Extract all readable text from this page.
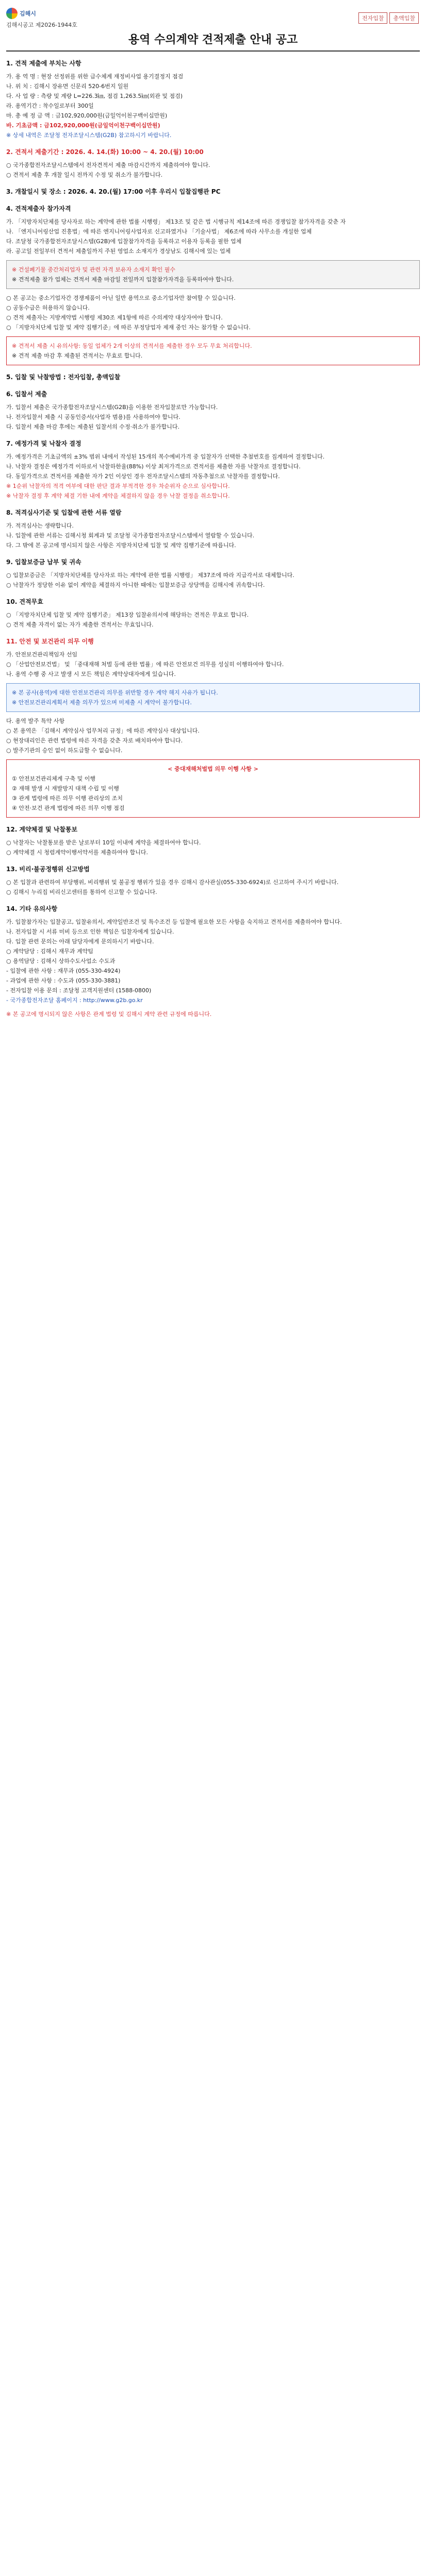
김해시
김해시공고 제2026-1944호
전자입찰	총액입찰
용역 수의계약 견적제출 안내 공고
1. 견적 제출에 부치는 사항
가. 용 역 명 : 현장 선정위를 위한 급수체계 재정비사업 용기결정지 점검
나. 위 치 : 김해시 장유면 신문리 520-6번지 일원
다. 사 업 량 : 측량 및 계량 L=226.3㎞, 점검 1,263.5㎞(외관 및 점검)
라. 용역기간 : 착수일로부터 300일
마. 총 예 정 금 액 : 금102,920,000원(금일억이천구백이십만원)
바. 기초금액 : 금102,920,000원(금일억이천구백이십만원)
※ 상세 내역은 조달청 전자조달시스템(G2B) 참고하시기 바랍니다.
2. 견적서 제출기간 : 2026. 4. 14.(화) 10:00 ~ 4. 20.(월) 10:00
○ 국가종합전자조달시스템에서 전자견적서 제출 마감시간까지 제출하여야 합니다.
○ 견적서 제출 후 개찰 일시 전까지 수정 및 취소가 불가합니다.
3. 개찰일시 및 장소 : 2026. 4. 20.(월) 17:00 이후 우리시 입찰집행관 PC
4. 견적제출자 참가자격
가. 「지방자치단체를 당사자로 하는 계약에 관한 법률 시행령」 제13조 및 같은 법 시행규칙 제14조에 따른 경쟁입찰 참가자격을 갖춘 자
나. 「엔지니어링산업 진흥법」에 따른 엔지니어링사업자로 신고하였거나 「기술사법」 제6조에 따라 사무소를 개설한 업체
다. 조달청 국가종합전자조달시스템(G2B)에 입찰참가자격을 등록하고 이용자 등록을 필한 업체
라. 공고일 전일부터 견적서 제출일까지 주된 영업소 소재지가 경상남도 김해시에 있는 업체
※ 건설폐기물 중간처리업자 및 관련 자격 보유자 소재지 확인 필수
※ 견적제출 참가 업체는 견적서 제출 마감일 전일까지 입찰참가자격을 등록하여야 합니다.
○ 본 공고는 중소기업자간 경쟁제품이 아닌 일반 용역으로 중소기업자만 참여할 수 있습니다.
○ 공동수급은 허용하지 않습니다.
○ 견적 제출자는 지방계약법 시행령 제30조 제1항에 따른 수의계약 대상자여야 합니다.
○ 「지방자치단체 입찰 및 계약 집행기준」에 따른 부정당업자 제재 중인 자는 참가할 수 없습니다.
※ 견적서 제출 시 유의사항: 동일 업체가 2개 이상의 견적서를 제출한 경우 모두 무효 처리합니다.
※ 견적 제출 마감 후 제출된 견적서는 무효로 합니다.
5. 입찰 및 낙찰방법 : 전자입찰, 총액입찰
6. 입찰서 제출
가. 입찰서 제출은 국가종합전자조달시스템(G2B)을 이용한 전자입찰로만 가능합니다.
나. 전자입찰서 제출 시 공동인증서(사업자 범용)를 사용하여야 합니다.
다. 입찰서 제출 마감 후에는 제출된 입찰서의 수정·취소가 불가합니다.
7. 예정가격 및 낙찰자 결정
가. 예정가격은 기초금액의 ±3% 범위 내에서 작성된 15개의 복수예비가격 중 입찰자가 선택한 추첨번호를 집계하여 결정합니다.
나. 낙찰자 결정은 예정가격 이하로서 낙찰하한율(88%) 이상 최저가격으로 견적서를 제출한 자를 낙찰자로 결정합니다.
다. 동일가격으로 견적서를 제출한 자가 2인 이상인 경우 전자조달시스템의 자동추첨으로 낙찰자를 결정합니다.
※ 1순위 낙찰자의 적격 여부에 대한 판단 결과 부적격한 경우 차순위자 순으로 심사합니다.
※ 낙찰자 결정 후 계약 체결 기한 내에 계약을 체결하지 않을 경우 낙찰 결정을 취소합니다.
8. 적격심사기준 및 입찰에 관한 서류 열람
가. 적격심사는 생략합니다.
나. 입찰에 관한 서류는 김해시청 회계과 및 조달청 국가종합전자조달시스템에서 열람할 수 있습니다.
다. 그 밖에 본 공고에 명시되지 않은 사항은 지방자치단체 입찰 및 계약 집행기준에 따릅니다.
9. 입찰보증금 납부 및 귀속
○ 입찰보증금은 「지방자치단체를 당사자로 하는 계약에 관한 법률 시행령」 제37조에 따라 지급각서로 대체합니다.
○ 낙찰자가 정당한 이유 없이 계약을 체결하지 아니한 때에는 입찰보증금 상당액을 김해시에 귀속합니다.
10. 견적무효
○ 「지방자치단체 입찰 및 계약 집행기준」 제13장 입찰유의서에 해당하는 견적은 무효로 합니다.
○ 견적 제출 자격이 없는 자가 제출한 견적서는 무효입니다.
11. 안전 및 보건관리 의무 이행
가. 안전보건관리책임자 선임
○ 「산업안전보건법」 및 「중대재해 처벌 등에 관한 법률」에 따른 안전보건 의무를 성실히 이행하여야 합니다.
나. 용역 수행 중 사고 발생 시 모든 책임은 계약상대자에게 있습니다.
※ 본 공사(용역)에 대한 안전보건관리 의무를 위반할 경우 계약 해지 사유가 됩니다.
※ 안전보건관리계획서 제출 의무가 있으며 미제출 시 계약이 불가합니다.
다. 용역 발주 특약 사항
○ 본 용역은 「김해시 계약심사 업무처리 규정」에 따른 계약심사 대상입니다.
○ 현장대리인은 관련 법령에 따른 자격을 갖춘 자로 배치하여야 합니다.
○ 발주기관의 승인 없이 하도급할 수 없습니다.
< 중대재해처벌법 의무 이행 사항 >
① 안전보건관리체계 구축 및 이행
② 재해 발생 시 재발방지 대책 수립 및 이행
③ 관계 법령에 따른 의무 이행 관리상의 조치
④ 안전·보건 관계 법령에 따른 의무 이행 점검
12. 계약체결 및 낙찰통보
○ 낙찰자는 낙찰통보를 받은 날로부터 10일 이내에 계약을 체결하여야 합니다.
○ 계약체결 시 청렴계약이행서약서를 제출하여야 합니다.
13. 비리·불공정행위 신고방법
○ 본 입찰과 관련하여 부당행위, 비리행위 및 불공정 행위가 있을 경우 김해시 감사관실(055-330-6924)로 신고하여 주시기 바랍니다.
○ 김해시 누리집 비리신고센터를 통하여 신고할 수 있습니다.
14. 기타 유의사항
가. 입찰참가자는 입찰공고, 입찰유의서, 계약일반조건 및 특수조건 등 입찰에 필요한 모든 사항을 숙지하고 견적서를 제출하여야 합니다.
나. 전자입찰 시 서류 미비 등으로 인한 책임은 입찰자에게 있습니다.
다. 입찰 관련 문의는 아래 담당자에게 문의하시기 바랍니다.
○ 계약담당 : 김해시 재무과 계약팀
○ 용역담당 : 김해시 상하수도사업소 수도과
- 입찰에 관한 사항 : 재무과 (055-330-4924)
- 과업에 관한 사항 : 수도과 (055-330-3881)
- 전자입찰 이용 문의 : 조달청 고객지원센터 (1588-0800)
- 국가종합전자조달 홈페이지 : http://www.g2b.go.kr
※ 본 공고에 명시되지 않은 사항은 관계 법령 및 김해시 계약 관련 규정에 따릅니다.
